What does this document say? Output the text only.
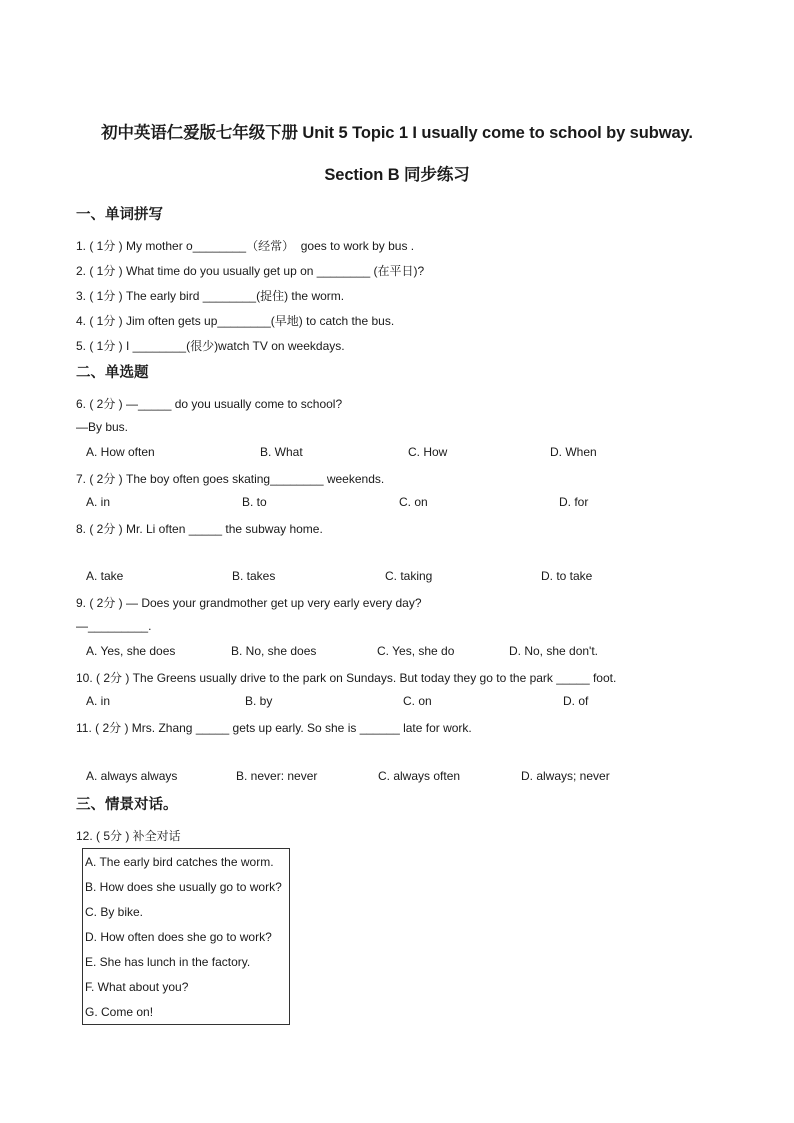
初中英语仁爱版七年级下册 Unit 5 Topic 1 I usually come to school by subway.
Section B 同步练习
一、单词拼写
1. ( 1分 ) My mother o________（经常）  goes to work by bus .
2. ( 1分 ) What time do you usually get up on ________ (在平日)?
3. ( 1分 ) The early bird ________(捉住) the worm.
4. ( 1分 ) Jim often gets up________(早地) to catch the bus.
5. ( 1分 ) I ________(很少)watch TV on weekdays.
二、单选题
6. ( 2分 ) —_____ do you usually come to school?
—By bus.
A. How often	B. What	C. How	D. When
7. ( 2分 ) The boy often goes skating________ weekends.
A. in	B. to	C. on	D. for
8. ( 2分 ) Mr. Li often _____ the subway home.
A. take	B. takes	C. taking	D. to take
9. ( 2分 ) — Does your grandmother get up very early every day?
—_________.
A. Yes, she does	B. No, she does	C. Yes, she do	D. No, she don't.
10. ( 2分 ) The Greens usually drive to the park on Sundays. But today they go to the park _____ foot.
A. in	B. by	C. on	D. of
11. ( 2分 ) Mrs. Zhang _____ gets up early. So she is ______ late for work.
A. always always	B. never: never	C. always often	D. always; never
三、情景对话。
12. ( 5分 ) 补全对话
A. The early bird catches the worm.
B. How does she usually go to work?
C. By bike.
D. How often does she go to work?
E. She has lunch in the factory.
F. What about you?
G. Come on!
